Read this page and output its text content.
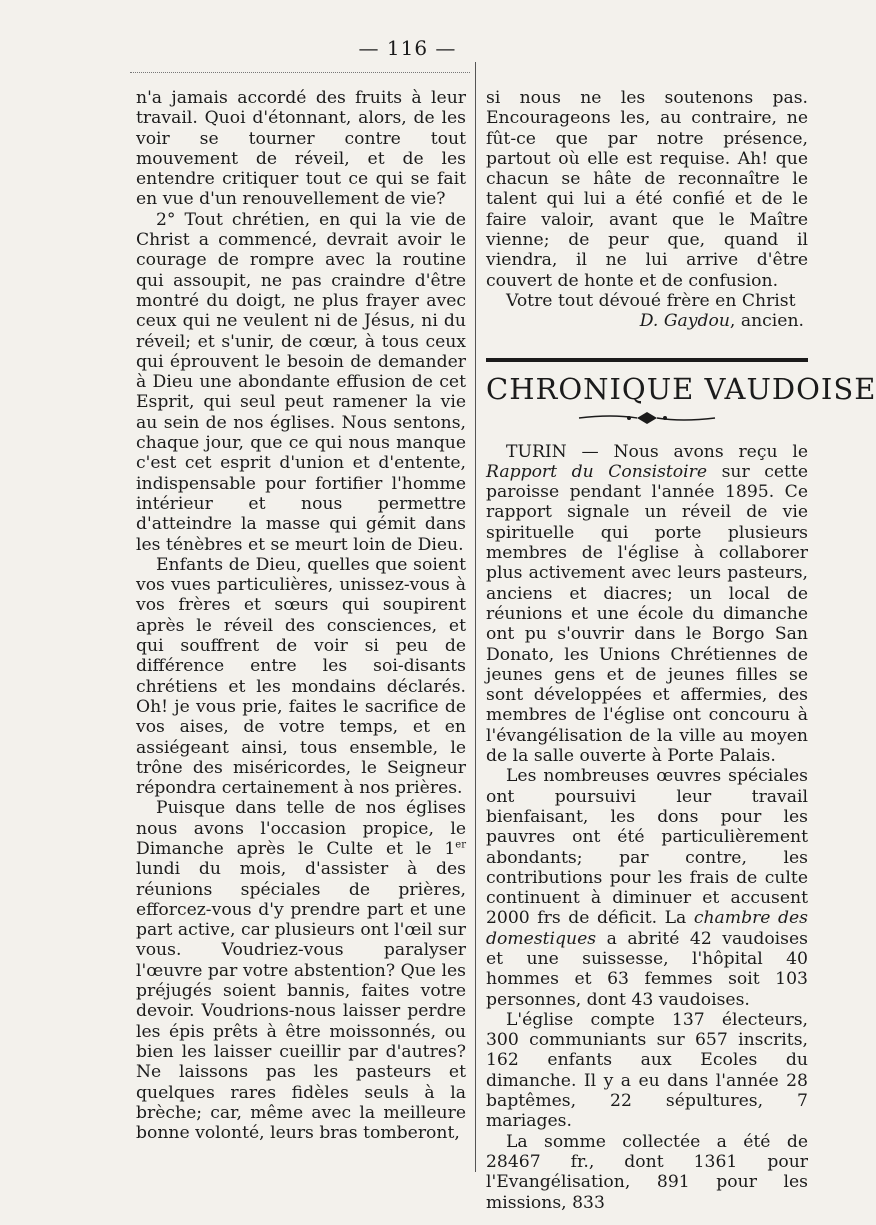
— 116 —

n'a jamais accordé des fruits à leur travail. Quoi d'étonnant, alors, de les voir se tourner contre tout mouvement de réveil, et de les entendre critiquer tout ce qui se fait en vue d'un renouvellement de vie?

2° Tout chrétien, en qui la vie de Christ a commencé, devrait avoir le courage de rompre avec la routine qui assoupit, ne pas craindre d'être montré du doigt, ne plus frayer avec ceux qui ne veulent ni de Jésus, ni du réveil; et s'unir, de cœur, à tous ceux qui éprouvent le besoin de demander à Dieu une abondante effusion de cet Esprit, qui seul peut ramener la vie au sein de nos églises. Nous sentons, chaque jour, que ce qui nous manque c'est cet esprit d'union et d'entente, indispensable pour fortifier l'homme intérieur et nous permettre d'atteindre la masse qui gémit dans les ténèbres et se meurt loin de Dieu.

Enfants de Dieu, quelles que soient vos vues particulières, unissez-vous à vos frères et sœurs qui soupirent après le réveil des consciences, et qui souffrent de voir si peu de différence entre les soi-disants chrétiens et les mondains déclarés. Oh! je vous prie, faites le sacrifice de vos aises, de votre temps, et en assiégeant ainsi, tous ensemble, le trône des miséricordes, le Seigneur répondra certainement à nos prières.

Puisque dans telle de nos églises nous avons l'occasion propice, le Dimanche après le Culte et le 1er lundi du mois, d'assister à des réunions spéciales de prières, efforcez-vous d'y prendre part et une part active, car plusieurs ont l'œil sur vous. Voudriez-vous paralyser l'œuvre par votre abstention? Que les préjugés soient bannis, faites votre devoir. Voudrions-nous laisser perdre les épis prêts à être moissonnés, ou bien les laisser cueillir par d'autres? Ne laissons pas les pasteurs et quelques rares fidèles seuls à la brèche; car, même avec la meilleure bonne volonté, leurs bras tomberont,

si nous ne les soutenons pas. Encourageons les, au contraire, ne fût-ce que par notre présence, partout où elle est requise. Ah! que chacun se hâte de reconnaître le talent qui lui a été confié et de le faire valoir, avant que le Maître vienne; de peur que, quand il viendra, il ne lui arrive d'être couvert de honte et de confusion.

Votre tout dévoué frère en Christ

D. Gaydou, ancien.

CHRONIQUE VAUDOISE

TURIN — Nous avons reçu le Rapport du Consistoire sur cette paroisse pendant l'année 1895. Ce rapport signale un réveil de vie spirituelle qui porte plusieurs membres de l'église à collaborer plus activement avec leurs pasteurs, anciens et diacres; un local de réunions et une école du dimanche ont pu s'ouvrir dans le Borgo San Donato, les Unions Chrétiennes de jeunes gens et de jeunes filles se sont développées et affermies, des membres de l'église ont concouru à l'évangélisation de la ville au moyen de la salle ouverte à Porte Palais.

Les nombreuses œuvres spéciales ont poursuivi leur travail bienfaisant, les dons pour les pauvres ont été particulièrement abondants; par contre, les contributions pour les frais de culte continuent à diminuer et accusent 2000 frs de déficit. La chambre des domestiques a abrité 42 vaudoises et une suissesse, l'hôpital 40 hommes et 63 femmes soit 103 personnes, dont 43 vaudoises.

L'église compte 137 électeurs, 300 communiants sur 657 inscrits, 162 enfants aux Ecoles du dimanche. Il y a eu dans l'année 28 baptêmes, 22 sépultures, 7 mariages.

La somme collectée a été de 28467 fr., dont 1361 pour l'Evangélisation, 891 pour les missions, 833
